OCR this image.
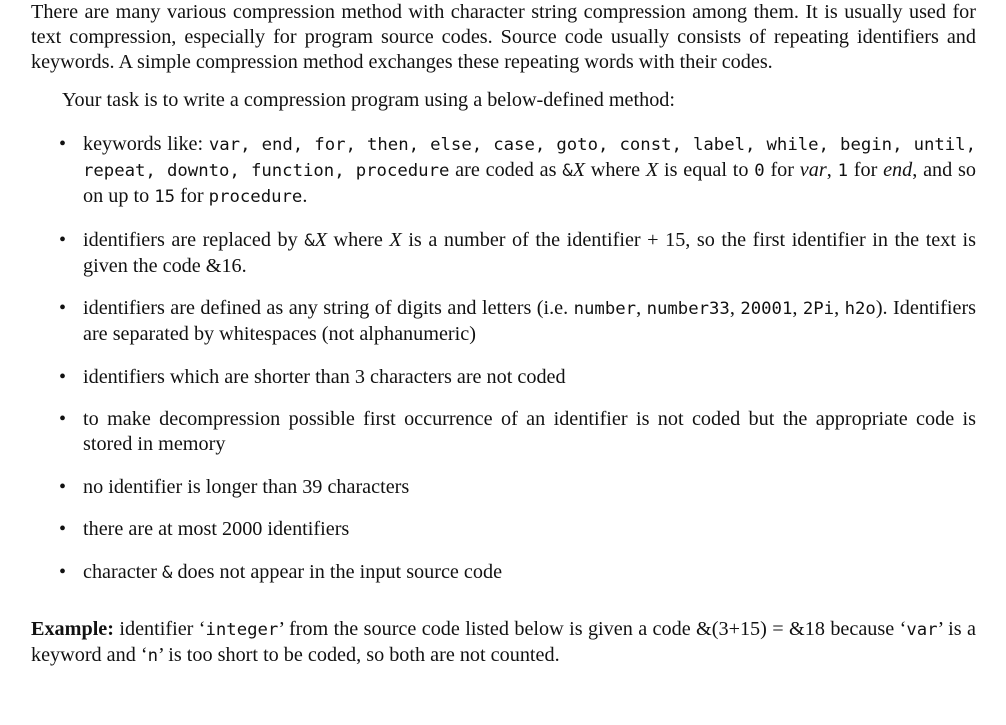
There are many various compression method with character string compression among them. It is usually used for text compression, especially for program source codes. Source code usually consists of repeating identifiers and keywords. A simple compression method exchanges these repeating words with their codes.

Your task is to write a compression program using a below-defined method:

• keywords like: var, end, for, then, else, case, goto, const, label, while, begin, until, repeat, downto, function, procedure are coded as &X where X is equal to 0 for var, 1 for end, and so on up to 15 for procedure.
• identifiers are replaced by &X where X is a number of the identifier + 15, so the first identifier in the text is given the code &16.
• identifiers are defined as any string of digits and letters (i.e. number, number33, 20001, 2Pi, h2o). Identifiers are separated by whitespaces (not alphanumeric)
• identifiers which are shorter than 3 characters are not coded
• to make decompression possible first occurrence of an identifier is not coded but the appropriate code is stored in memory
• no identifier is longer than 39 characters
• there are at most 2000 identifiers
• character & does not appear in the input source code

Example: identifier ‘integer’ from the source code listed below is given a code &(3+15) = &18 because ‘var’ is a keyword and ‘n’ is too short to be coded, so both are not counted.
